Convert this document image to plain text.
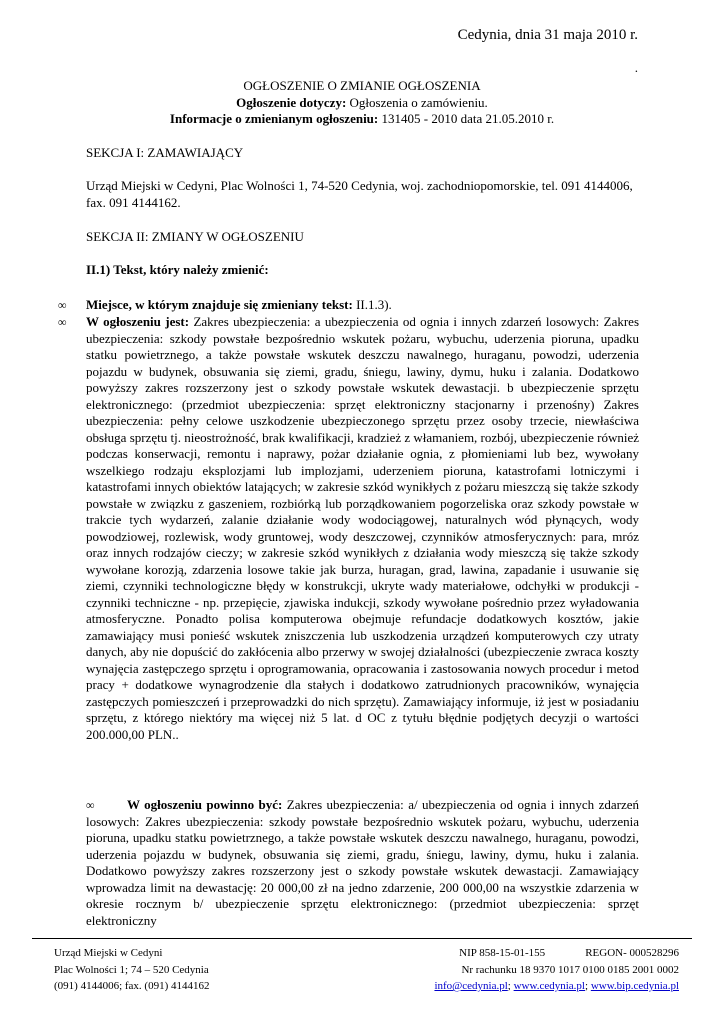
Cedynia, dnia 31 maja 2010 r.
.
OGŁOSZENIE O ZMIANIE OGŁOSZENIA
Ogłoszenie dotyczy: Ogłoszenia o zamówieniu.
Informacje o zmienianym ogłoszeniu: 131405 - 2010 data 21.05.2010 r.
SEKCJA I: ZAMAWIAJĄCY
Urząd Miejski w Cedyni, Plac Wolności 1, 74-520 Cedynia, woj. zachodniopomorskie, tel. 091 4144006, fax. 091 4144162.
SEKCJA II: ZMIANY W OGŁOSZENIU
II.1) Tekst, który należy zmienić:
∞ Miejsce, w którym znajduje się zmieniany tekst: II.1.3).
∞ W ogłoszeniu jest: Zakres ubezpieczenia: a ubezpieczenia od ognia i innych zdarzeń losowych: Zakres ubezpieczenia: szkody powstałe bezpośrednio wskutek pożaru, wybuchu, uderzenia pioruna, upadku statku powietrznego, a także powstałe wskutek deszczu nawalnego, huraganu, powodzi, uderzenia pojazdu w budynek, obsuwania się ziemi, gradu, śniegu, lawiny, dymu, huku i zalania. Dodatkowo powyższy zakres rozszerzony jest o szkody powstałe wskutek dewastacji. b ubezpieczenie sprzętu elektronicznego: (przedmiot ubezpieczenia: sprzęt elektroniczny stacjonarny i przenośny) Zakres ubezpieczenia: pełny celowe uszkodzenie ubezpieczonego sprzętu przez osoby trzecie, niewłaściwa obsługa sprzętu tj. nieostrożność, brak kwalifikacji, kradzież z włamaniem, rozbój, ubezpieczenie również podczas konserwacji, remontu i naprawy, pożar działanie ognia, z płomieniami lub bez, wywołany wszelkiego rodzaju eksplozjami lub implozjami, uderzeniem pioruna, katastrofami lotniczymi i katastrofami innych obiektów latających; w zakresie szkód wynikłych z pożaru mieszczą się także szkody powstałe w związku z gaszeniem, rozbiórką lub porządkowaniem pogorzeliska oraz szkody powstałe w trakcie tych wydarzeń, zalanie działanie wody wodociągowej, naturalnych wód płynących, wody powodziowej, rozlewisk, wody gruntowej, wody deszczowej, czynników atmosferycznych: para, mróz oraz innych rodzajów cieczy; w zakresie szkód wynikłych z działania wody mieszczą się także szkody wywołane korozją, zdarzenia losowe takie jak burza, huragan, grad, lawina, zapadanie i usuwanie się ziemi, czynniki technologiczne błędy w konstrukcji, ukryte wady materiałowe, odchyłki w produkcji -czynniki techniczne - np. przepięcie, zjawiska indukcji, szkody wywołane pośrednio przez wyładowania atmosferyczne. Ponadto polisa komputerowa obejmuje refundacje dodatkowych kosztów, jakie zamawiający musi ponieść wskutek zniszczenia lub uszkodzenia urządzeń komputerowych czy utraty danych, aby nie dopuścić do zakłócenia albo przerwy w swojej działalności (ubezpieczenie zwraca koszty wynajęcia zastępczego sprzętu i oprogramowania, opracowania i zastosowania nowych procedur i metod pracy + dodatkowe wynagrodzenie dla stałych i dodatkowo zatrudnionych pracowników, wynajęcia zastępczych pomieszczeń i przeprowadzki do nich sprzętu). Zamawiający informuje, iż jest w posiadaniu sprzętu, z którego niektóry ma więcej niż 5 lat. d OC z tytułu błędnie podjętych decyzji o wartości 200.000,00 PLN..
∞ W ogłoszeniu powinno być: Zakres ubezpieczenia: a/ ubezpieczenia od ognia i innych zdarzeń losowych: Zakres ubezpieczenia: szkody powstałe bezpośrednio wskutek pożaru, wybuchu, uderzenia pioruna, upadku statku powietrznego, a także powstałe wskutek deszczu nawalnego, huraganu, powodzi, uderzenia pojazdu w budynek, obsuwania się ziemi, gradu, śniegu, lawiny, dymu, huku i zalania. Dodatkowo powyższy zakres rozszerzony jest o szkody powstałe wskutek dewastacji. Zamawiający wprowadza limit na dewastację: 20 000,00 zł na jedno zdarzenie, 200 000,00 na wszystkie zdarzenia w okresie rocznym b/ ubezpieczenie sprzętu elektronicznego: (przedmiot ubezpieczenia: sprzęt elektroniczny
Urząd Miejski w Cedyni
Plac Wolności 1; 74 – 520 Cedynia
(091) 4144006; fax. (091) 4144162
NIP 858-15-01-155	REGON- 000528296
Nr rachunku 18 9370 1017 0100 0185 2001 0002
info@cedynia.pl; www.cedynia.pl; www.bip.cedynia.pl
